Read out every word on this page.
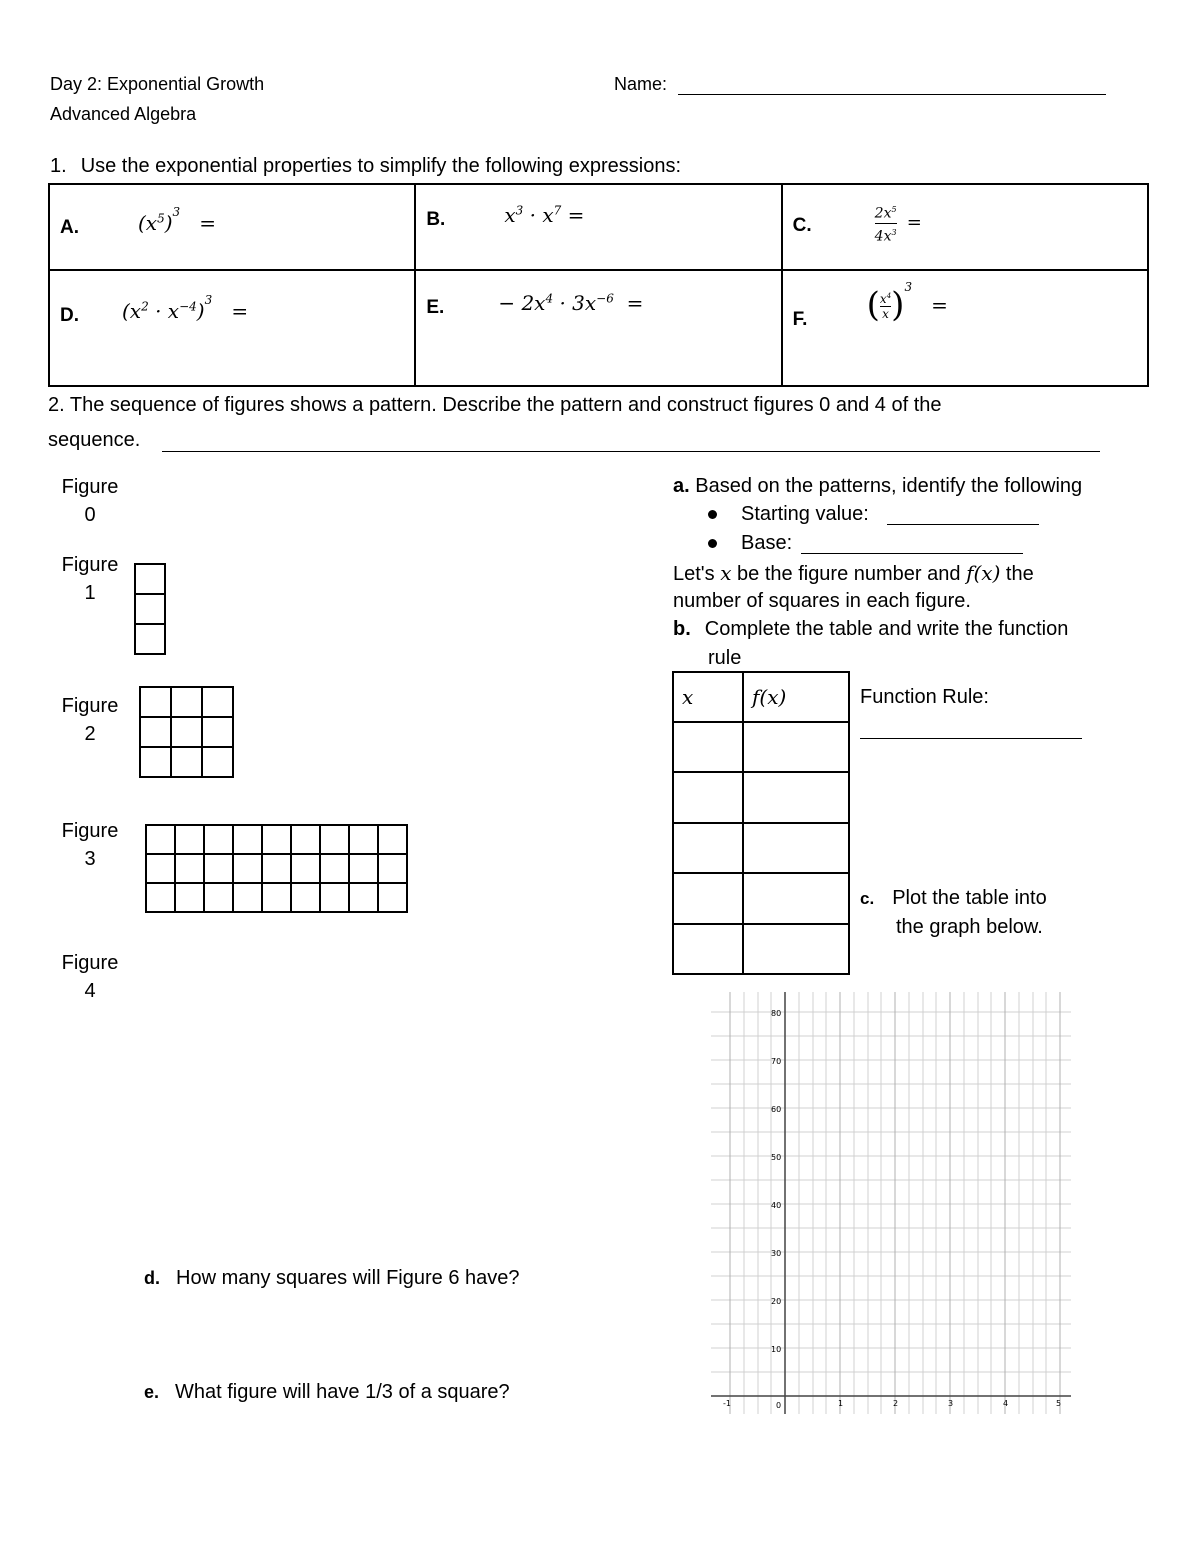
Day 2: Exponential Growth
Advanced Algebra
Name:
1. Use the exponential properties to simplify the following expressions:
A. $(x^5)^3$   =	B. $x^3 \cdot x^7$ =	C. $\frac{2x^5}{4x^3}$ =

D. $(x^2 \cdot x^{-4})^3$   =	E. − $2x^4 \cdot 3x^{-6}$  =	F. ( $\frac{x^4}{x} )^3$   =
2. The sequence of figures shows a pattern. Describe the pattern and construct figures 0 and 4 of the
sequence.
Figure
0
Figure
1
Figure
2
Figure
3
Figure
4

a. Based on the patterns, identify the following
Starting value:
Base:
Let's x be the figure number and f(x) the
number of squares in each figure.
b. Complete the table and write the function
rule
x	f(x)

		Function Rule:
c. Plot the table into
the graph below.
80
70
60
50
40
30
20
10
-1	0	1	2	3	4	5
d. How many squares will Figure 6 have?
e. What figure will have 1/3 of a square?
